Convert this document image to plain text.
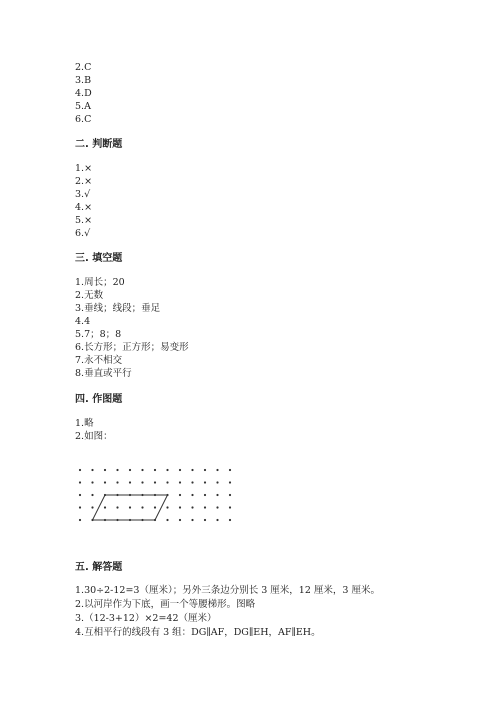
2.C
3.B
4.D
5.A
6.C
二. 判断题
1.×
2.×
3.√
4.×
5.×
6.√
三. 填空题
1.周长；20
2.无数
3.垂线；线段；垂足
4.4
5.7；8；8
6.长方形；正方形；易变形
7.永不相交
8.垂直或平行
四. 作图题
1.略
2.如图：
五. 解答题
1.30÷2-12=3（厘米）；另外三条边分别长 3 厘米，12 厘米，3 厘米。
2.以河岸作为下底，画一个等腰梯形。图略
3.（12-3+12）×2=42（厘米）
4.互相平行的线段有 3 组：DG∥AF，DG∥EH，AF∥EH。
